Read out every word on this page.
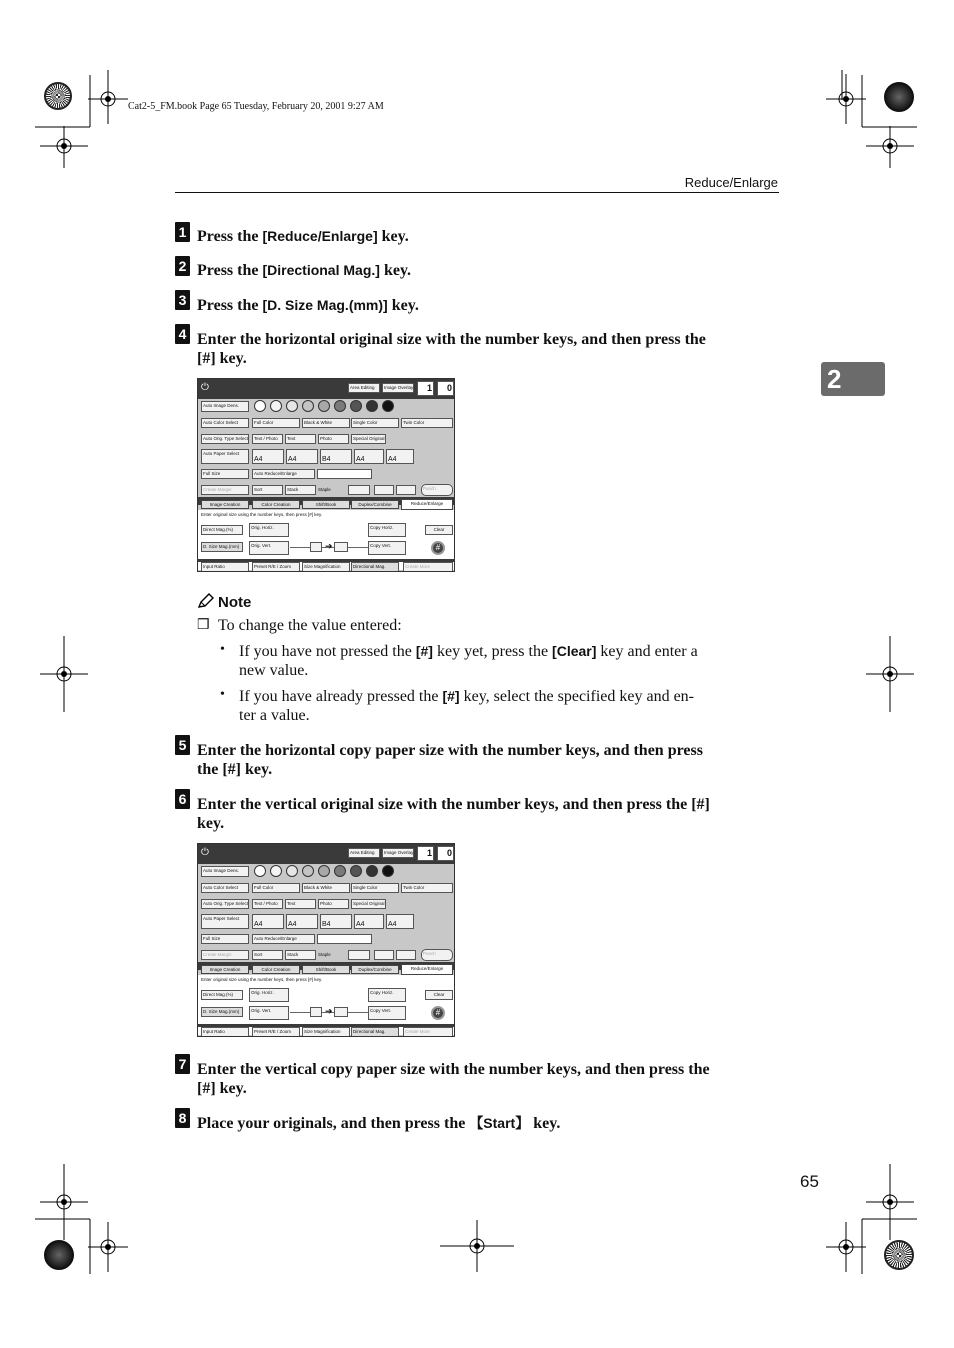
Cat2-5_FM.book Page 65 Tuesday, February 20, 2001 9:27 AM
Reduce/Enlarge
2
1 Press the [Reduce/Enlarge] key.
2 Press the [Directional Mag.] key.
3 Press the [D. Size Mag.(mm)] key.
4 Enter the horizontal original size with the number keys, and then press the
[#] key.
⏻	Area Editing	Image Overlay	1	0
Auto Image Dens.
Auto Color Select	Full Color	Black & White	Single Color	Twin Color
Auto Orig. Type Select	Text / Photo	Text	Photo	Special Original
Auto Paper Select
A4	A4	B4	A4	A4
Full Size	Auto Reduce/Enlarge
Create Margin	Sort	Stack	Staple	Punch
Image Creation	Color Creation	Shift/Book	Duplex/Combine	Reduce/Enlarge
Enter original size using the number keys, then press [#] key.
Direct Mag.(%)
D. Size Mag.(mm)
Orig. Horiz.
Orig. Vert.
Copy Horiz.
Copy Vert.
➔
Clear
#
Input Ratio	Preset R/E / Zoom	Size Magnification	Directional Mag.	Create More
Note
❒ To change the value entered:
• If you have not pressed the [#] key yet, press the [Clear] key and enter a
new value.
• If you have already pressed the [#] key, select the specified key and en-
ter a value.
5 Enter the horizontal copy paper size with the number keys, and then press
the [#] key.
6 Enter the vertical original size with the number keys, and then press the [#]
key.
⏻	Area Editing	Image Overlay	1	0
Auto Image Dens.
Auto Color Select	Full Color	Black & White	Single Color	Twin Color
Auto Orig. Type Select	Text / Photo	Text	Photo	Special Original
Auto Paper Select
A4	A4	B4	A4	A4
Full Size	Auto Reduce/Enlarge
Create Margin	Sort	Stack	Staple	Punch
Image Creation	Color Creation	Shift/Book	Duplex/Combine	Reduce/Enlarge
Enter original size using the number keys, then press [#] key.
Direct Mag.(%)
D. Size Mag.(mm)
Orig. Horiz.
Orig. Vert.
Copy Horiz.
Copy Vert.
➔
Clear
#
Input Ratio	Preset R/E / Zoom	Size Magnification	Directional Mag.	Create More
7 Enter the vertical copy paper size with the number keys, and then press the
[#] key.
8 Place your originals, and then press the 【Start】 key.
65
